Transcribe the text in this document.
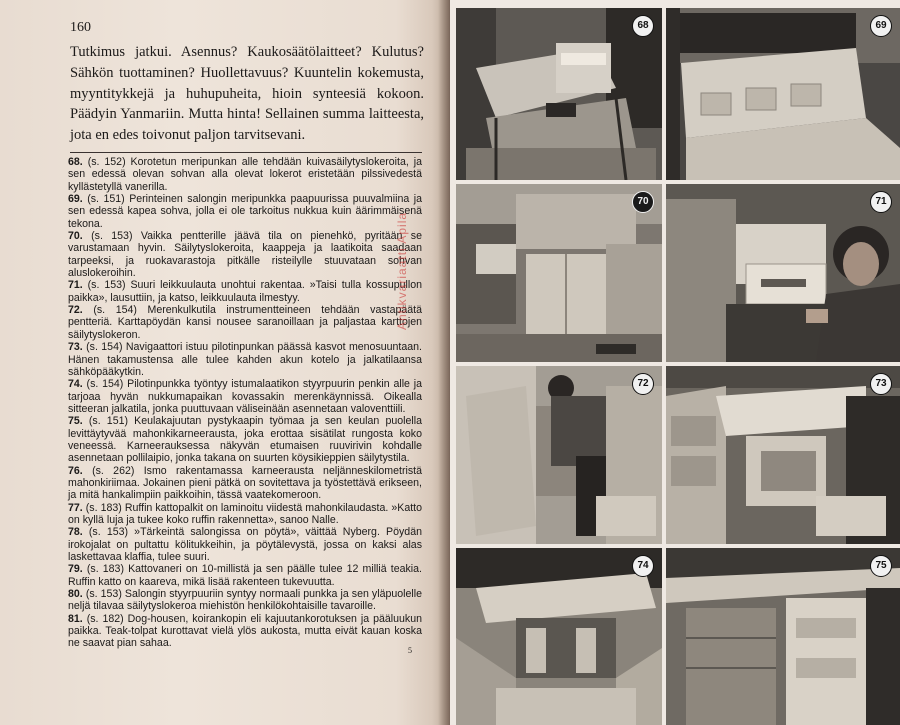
160

Tutkimus jatkui. Asennus? Kaukosäätölaitteet? Kulutus? Sähkön tuottaminen? Huollettavuus? Kuuntelin kokemusta, myyntitykkejä ja huhupuheita, hioin synteesiä kokoon. Päädyin Yanmariin. Mutta hinta! Sellainen summa laitteesta, jota en edes toivonut paljon tarvitsevani.

68. (s. 152) Korotetun meripunkan alle tehdään kuivasäilytyslokeroita, ja sen edessä olevan sohvan alla olevat lokerot eristetään pilssivedestä kyllästetyllä vanerilla.

69. (s. 151) Perinteinen salongin meripunkka paapuurissa puuvalmiina ja sen edessä kapea sohva, jolla ei ole tarkoitus nukkua kuin äärimmäisenä tekona.

70. (s. 153) Vaikka pentterille jäävä tila on pienehkö, pyritään se varustamaan hyvin. Säilytyslokeroita, kaappeja ja laatikoita saadaan tarpeeksi, ja ruokavarastoja pitkälle risteilylle stuuvataan sohvan aluslokeroihin.

71. (s. 153) Suuri leikkuulauta unohtui rakentaa. »Taisi tulla kossupullon paikka», lausuttiin, ja katso, leikkuulauta ilmestyy.

72. (s. 154) Merenkulkutila instrumentteineen tehdään vastapäätä pentteriä. Karttapöydän kansi nousee saranoillaan ja paljastaa karttojen säilytyslokeron.

73. (s. 154) Navigaattori istuu pilotinpunkan päässä kasvot menosuuntaan. Hänen takamustensa alle tulee kahden akun kotelo ja jalkatilaansa sähköpääkytkin.

74. (s. 154) Pilotinpunkka työntyy istumalaatikon styyrpuurin penkin alle ja tarjoaa hyvän nukkumapaikan kovassakin merenkäynnissä. Oikealla sitteeran jalkatila, jonka puuttuvaan väliseinään asennetaan valoventtiili.

75. (s. 151) Keulakajuutan pystykaapin työmaa ja sen keulan puolella levittäytyvää mahonkikarneerausta, joka erottaa sisätilat rungosta koko veneessä. Karneerauksessa näkyvän etumaisen ruuvirivin kohdalle asennetaan pollilaipio, jonka takana on suurten köysikieppien säilytystila.

76. (s. 262) Ismo rakentamassa karneerausta neljänneskilometristä mahonkiriimaa. Jokainen pieni pätkä on sovitettava ja työstettävä erikseen, ja mitä hankalimpiin paikkoihin, tässä vaatekomeroon.

77. (s. 183) Ruffin kattopalkit on laminoitu viidestä mahonkilaudasta. »Katto on kyllä luja ja tukee koko ruffin rakennetta», sanoo Nalle.

78. (s. 153) »Tärkeintä salongissa on pöytä», väittää Nyberg. Pöydän irokojalat on pultattu kölitukkeihin, ja pöytälevystä, jossa on kaksi alas laskettavaa klaffia, tulee suuri.

79. (s. 183) Kattovaneri on 10-millistä ja sen päälle tulee 12 milliä teakia. Ruffin katto on kaareva, mikä lisää rakenteen tukevuutta.

80. (s. 153) Salongin styyrpuuriin syntyy normaali punkka ja sen yläpuolelle neljä tilavaa säilytyslokeroa miehistön henkilökohtaisille tavaroille.

81. (s. 182) Dog-housen, koirankopin eli kajuutankorotuksen ja pääluukun paikka. Teak-tolpat kurottavat vielä ylös aukosta, mutta eivät kauan koska ne saavat pian sahaa.

5
Antikvariaatti Apila
68	69
70	71
72	73
74	75
